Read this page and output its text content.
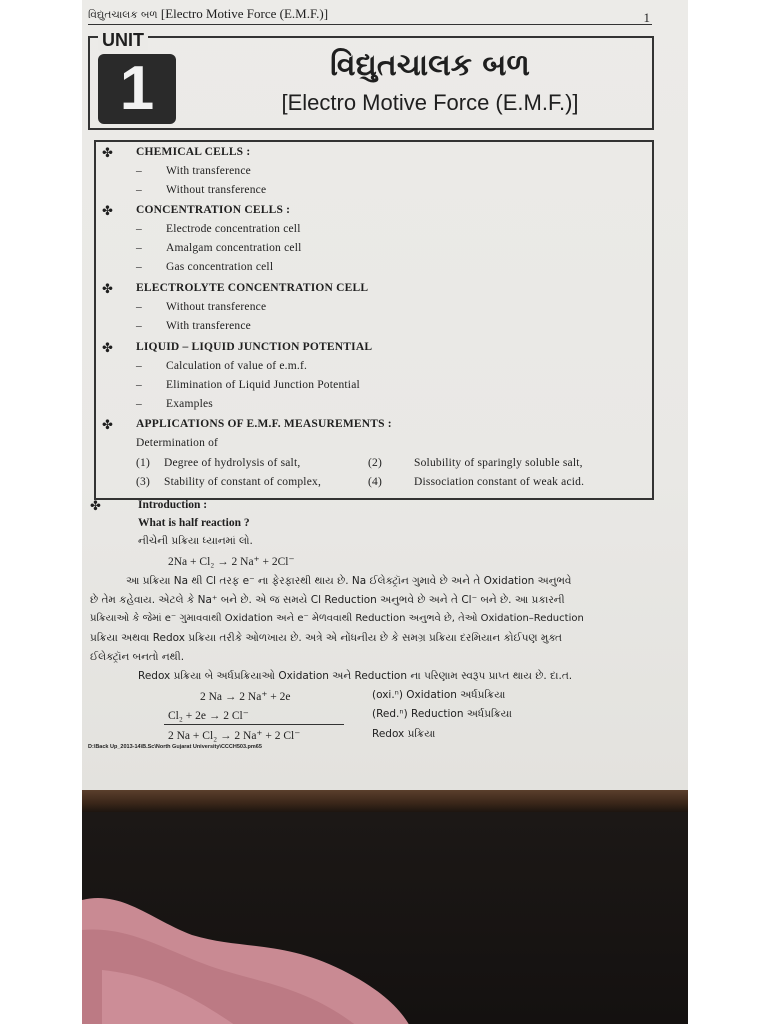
વિદ્યુતચાલક બળ [Electro Motive Force (E.M.F.)]	1
UNIT
1	વિદ્યુતચાલક બળ
[Electro Motive Force (E.M.F.)]
✤ CHEMICAL CELLS :
– With transference
– Without transference
✤ CONCENTRATION CELLS :
– Electrode concentration cell
– Amalgam concentration cell
– Gas concentration cell
✤ ELECTROLYTE CONCENTRATION CELL
– Without transference
– With transference
✤ LIQUID – LIQUID JUNCTION POTENTIAL
– Calculation of value of e.m.f.
– Elimination of Liquid Junction Potential
– Examples
✤ APPLICATIONS OF E.M.F. MEASUREMENTS :
Determination of
(1) Degree of hydrolysis of salt,	(2)	Solubility of sparingly soluble salt,
(3) Stability of constant of complex,	(4)	Dissociation constant of weak acid.
✤	Introduction :
What is half reaction ?
નીચેની પ્રક્રિયા ધ્યાનમાં લો.
2Na + Cl₂ → 2 Na⁺ + 2Cl⁻
આ પ્રક્રિયા Na થી Cl તરફ e⁻ ના ફેરફારથી થાય છે. Na ઈલેક્ટ્રૉન ગુમાવે છે અને તે Oxidation અનુભવે
છે તેમ કહેવાય. એટલે કે Na⁺ બને છે. એ જ સમયે Cl Reduction અનુભવે છે અને તે Cl⁻ બને છે. આ પ્રકારની
પ્રક્રિયાઓ કે જેમાં e⁻ ગુમાવવાથી Oxidation અને e⁻ મેળવવાથી Reduction અનુભવે છે, તેઓ Oxidation–Reduction
પ્રક્રિયા અથવા Redox પ્રક્રિયા તરીકે ઓળખાય છે. અત્રે એ નોંધનીય છે કે સમગ્ર પ્રક્રિયા દરમિયાન કોઈપણ મુક્ત
ઈલેક્ટ્રૉન બનતો નથી.
Redox પ્રક્રિયા બે અર્ધપ્રક્રિયાઓ Oxidation અને Reduction ના પરિણામ સ્વરૂપ પ્રાપ્ત થાય છે. દા.ત.
2 Na → 2 Na⁺ + 2e	(oxi.ⁿ) Oxidation અર્ધપ્રક્રિયા
Cl₂ + 2e → 2 Cl⁻	(Red.ⁿ) Reduction અર્ધપ્રક્રિયા
2 Na + Cl₂ → 2 Na⁺ + 2 Cl⁻	Redox પ્રક્રિયા
D:\Back Up_2013-14\B.Sc\North Gujarat University\CCCH503.pm65
